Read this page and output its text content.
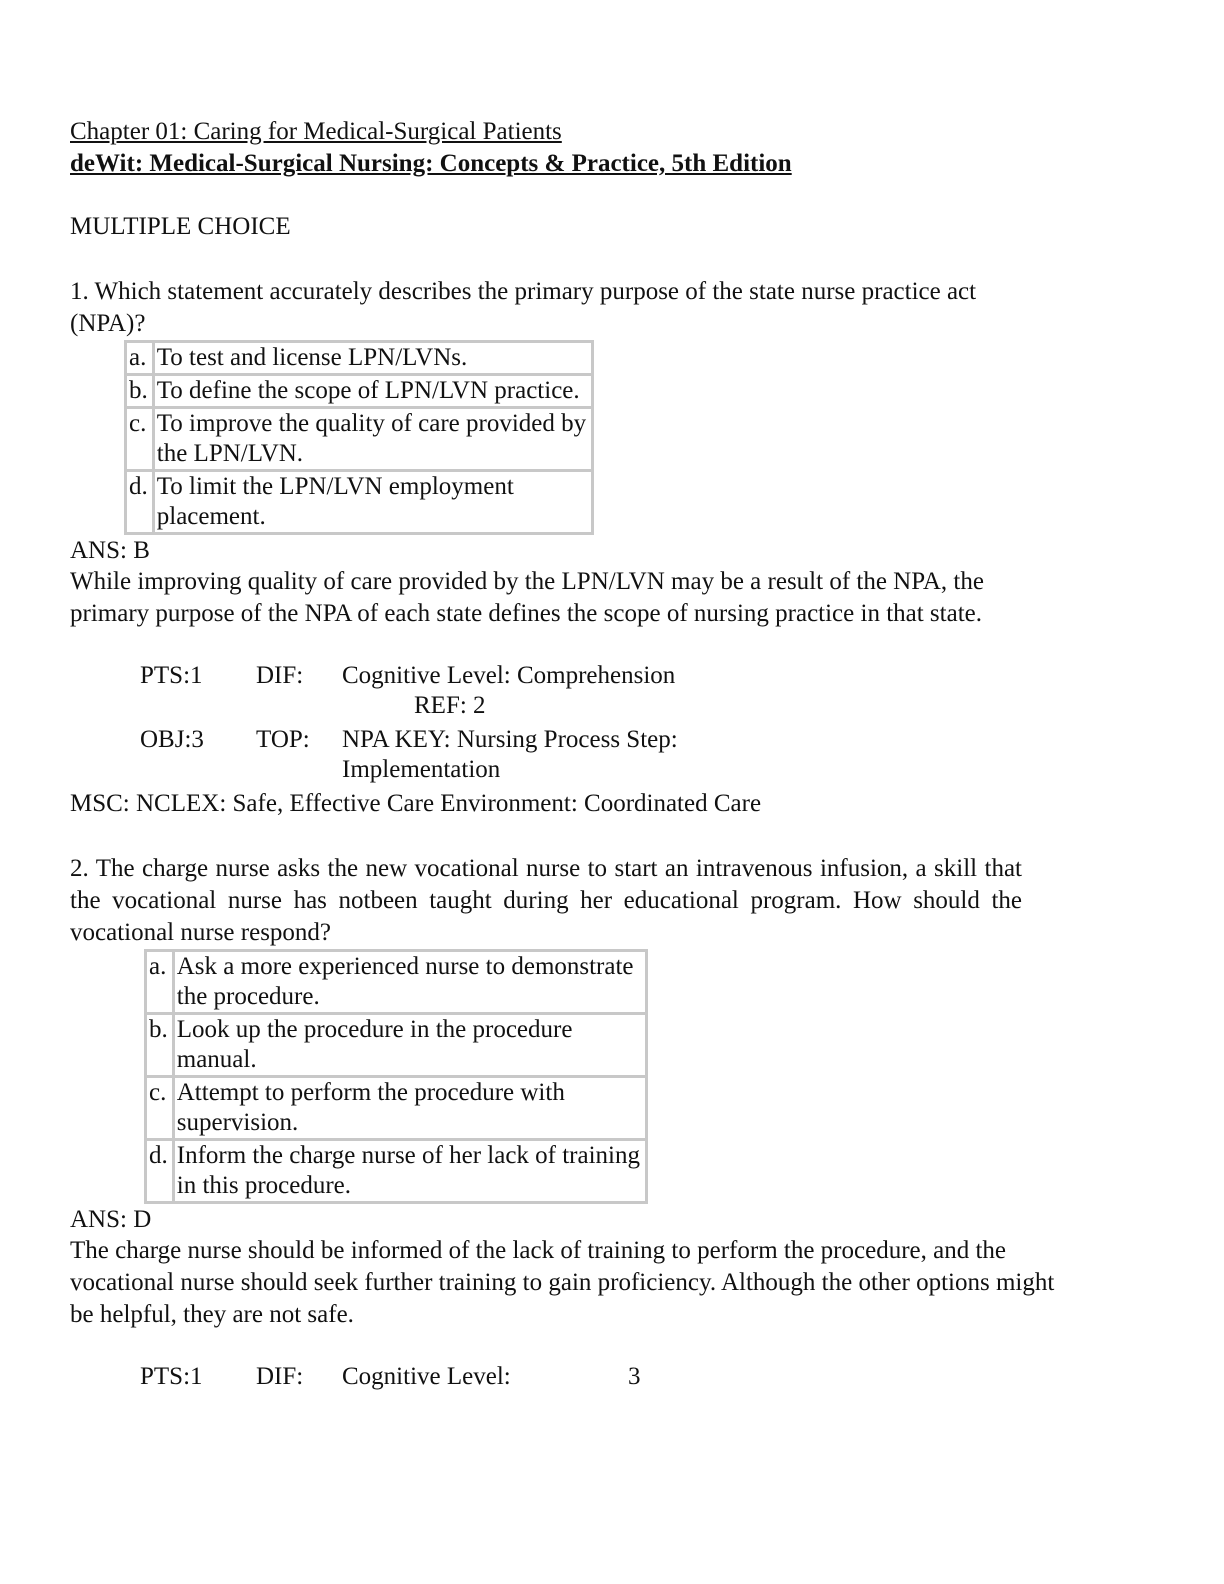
Chapter 01: Caring for Medical-Surgical Patients
deWit: Medical-Surgical Nursing: Concepts & Practice, 5th Edition
MULTIPLE CHOICE
1. Which statement accurately describes the primary purpose of the state nurse practice act (NPA)?
a.	To test and license LPN/LVNs.
b.	To define the scope of LPN/LVN practice.
c.	To improve the quality of care provided by the LPN/LVN.
d.	To limit the LPN/LVN employment placement.
ANS: B
While improving quality of care provided by the LPN/LVN may be a result of the NPA, the primary purpose of the NPA of each state defines the scope of nursing practice in that state.
PTS:1 DIF: Cognitive Level: Comprehension
REF: 2
OBJ:3 TOP: NPA KEY: Nursing Process Step:
Implementation
MSC: NCLEX: Safe, Effective Care Environment: Coordinated Care
2. The charge nurse asks the new vocational nurse to start an intravenous infusion, a skill that the vocational nurse has notbeen taught during her educational program. How should the vocational nurse respond?
a.	Ask a more experienced nurse to demonstrate the procedure.
b.	Look up the procedure in the procedure manual.
c.	Attempt to perform the procedure with supervision.
d.	Inform the charge nurse of her lack of training in this procedure.
ANS: D
The charge nurse should be informed of the lack of training to perform the procedure, and the vocational nurse should seek further training to gain proficiency. Although the other options might be helpful, they are not safe.
PTS:1 DIF: Cognitive Level:	3
